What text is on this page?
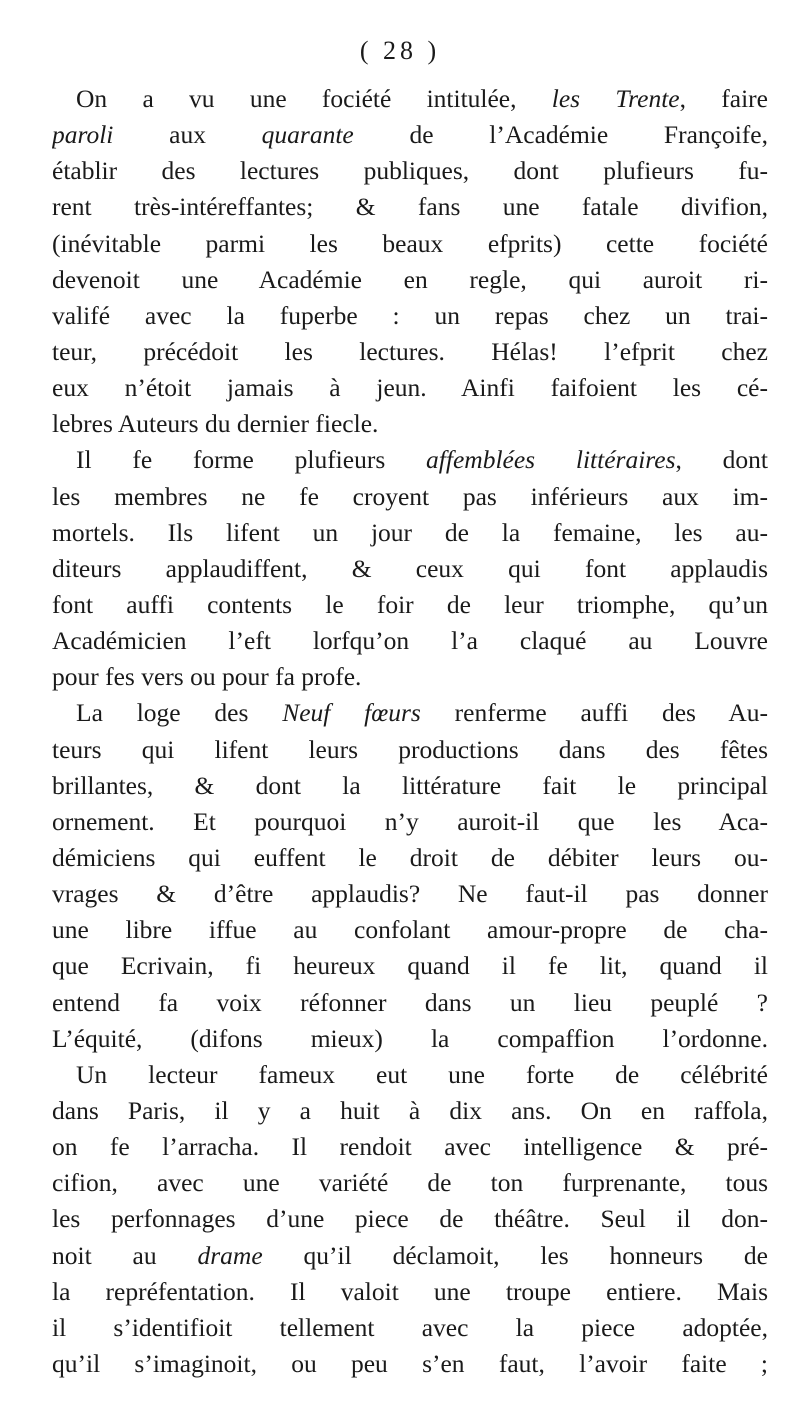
( 28 )
On a vu une fociété intitulée, les Trente, faire
paroli aux quarante de l’Académie Françoife,
établir des lectures publiques, dont plufieurs fu-
rent très-intéreffantes; & fans une fatale divifion,
(inévitable parmi les beaux efprits) cette fociété
devenoit une Académie en regle, qui auroit ri-
valifé avec la fuperbe : un repas chez un trai-
teur, précédoit les lectures. Hélas! l’efprit chez
eux n’étoit jamais à jeun. Ainfi faifoient les cé-
lebres Auteurs du dernier fiecle.
Il fe forme plufieurs affemblées littéraires, dont
les membres ne fe croyent pas inférieurs aux im-
mortels. Ils lifent un jour de la femaine, les au-
diteurs applaudiffent, & ceux qui font applaudis
font auffi contents le foir de leur triomphe, qu’un
Académicien l’eft lorfqu’on l’a claqué au Louvre
pour fes vers ou pour fa profe.
La loge des Neuf fœurs renferme auffi des Au-
teurs qui lifent leurs productions dans des fêtes
brillantes, & dont la littérature fait le principal
ornement. Et pourquoi n’y auroit-il que les Aca-
démiciens qui euffent le droit de débiter leurs ou-
vrages & d’être applaudis? Ne faut-il pas donner
une libre iffue au confolant amour-propre de cha-
que Ecrivain, fi heureux quand il fe lit, quand il
entend fa voix réfonner dans un lieu peuplé ?
L’équité, (difons mieux) la compaffion l’ordonne.
Un lecteur fameux eut une forte de célébrité
dans Paris, il y a huit à dix ans. On en raffola,
on fe l’arracha. Il rendoit avec intelligence & pré-
cifion, avec une variété de ton furprenante, tous
les perfonnages d’une piece de théâtre. Seul il don-
noit au drame qu’il déclamoit, les honneurs de
la repréfentation. Il valoit une troupe entiere. Mais
il s’identifioit tellement avec la piece adoptée,
qu’il s’imaginoit, ou peu s’en faut, l’avoir faite ;
